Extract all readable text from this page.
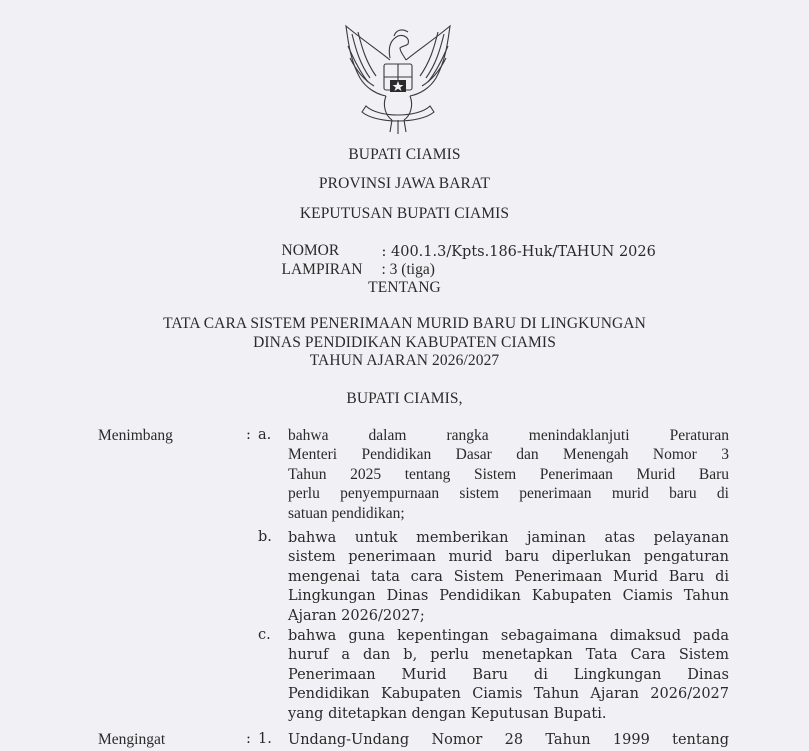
BUPATI CIAMIS
PROVINSI JAWA BARAT
KEPUTUSAN BUPATI CIAMIS

NOMOR
	: 400.1.3/Kpts.186-Huk/TAHUN 2026

LAMPIRAN
	: 3 (tiga)

TENTANG
TATA CARA SISTEM PENERIMAAN MURID BARU DI LINGKUNGAN
DINAS PENDIDIKAN KABUPATEN CIAMIS
TAHUN AJARAN 2026/2027
BUPATI CIAMIS,
Menimbang	: a. bahwa dalam rangka menindaklanjuti Peraturan
Menteri Pendidikan Dasar dan Menengah Nomor 3
Tahun 2025 tentang Sistem Penerimaan Murid Baru
perlu penyempurnaan sistem penerimaan murid baru di
satuan pendidikan;
b. bahwa untuk memberikan jaminan atas pelayanan
sistem penerimaan murid baru diperlukan pengaturan
mengenai tata cara Sistem Penerimaan Murid Baru di
Lingkungan Dinas Pendidikan Kabupaten Ciamis Tahun
Ajaran 2026/2027;
c. bahwa guna kepentingan sebagaimana dimaksud pada
huruf a dan b, perlu menetapkan Tata Cara Sistem
Penerimaan Murid Baru di Lingkungan Dinas
Pendidikan Kabupaten Ciamis Tahun Ajaran 2026/2027
yang ditetapkan dengan Keputusan Bupati.
Mengingat	: 1. Undang-Undang Nomor 28 Tahun 1999 tentang
